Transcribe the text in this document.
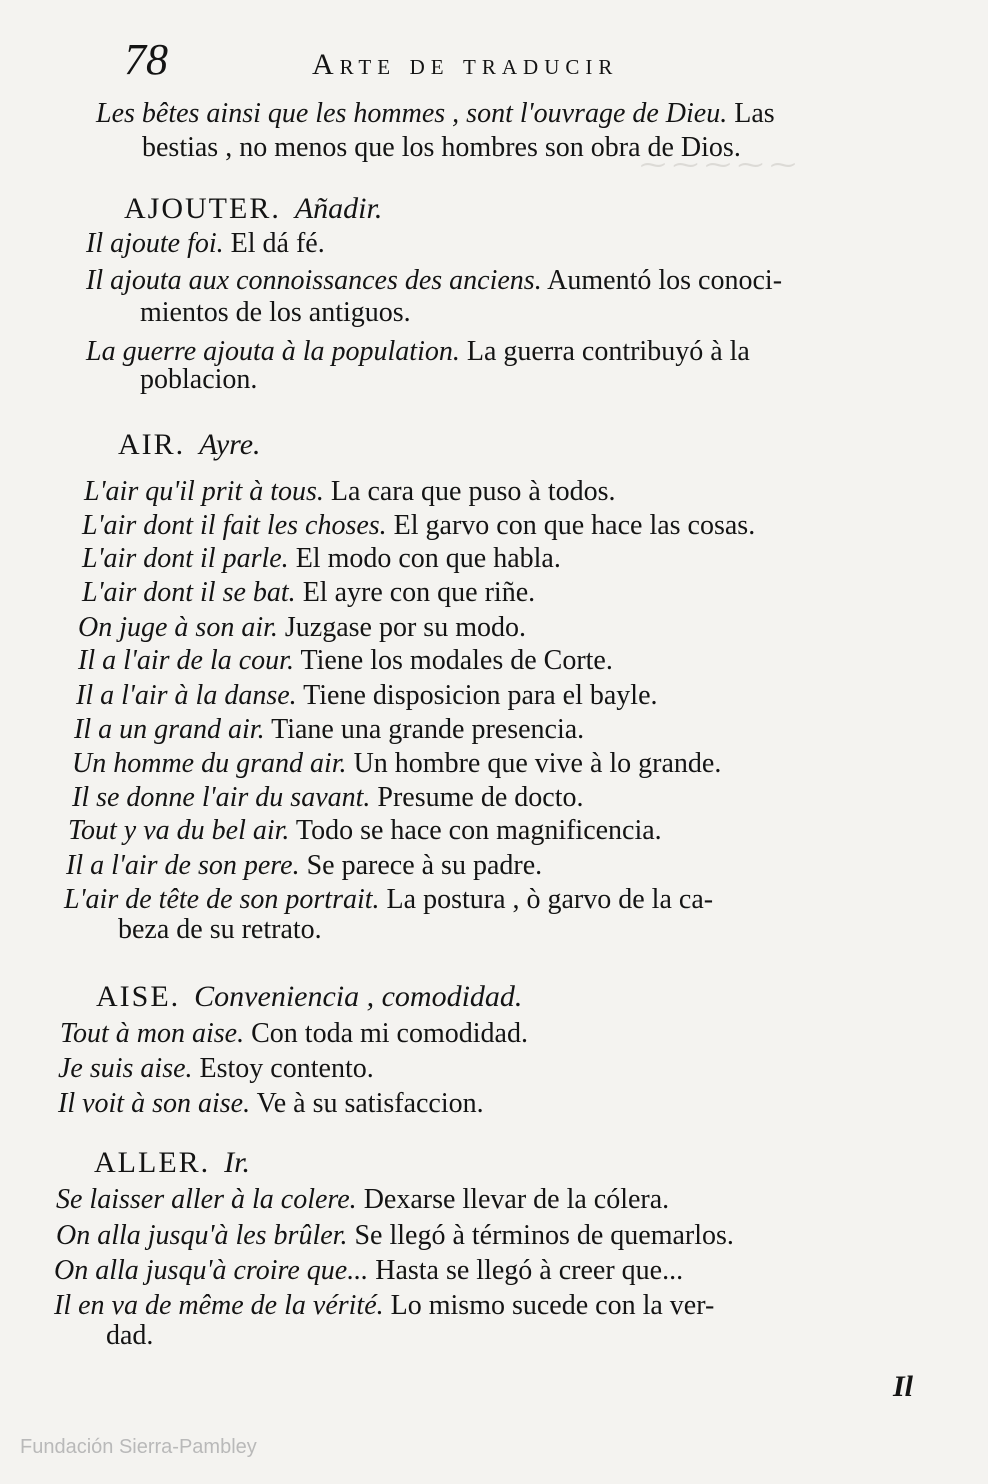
⁓ ⁓ ⁓ ⁓ ⁓
78	Arte de traducir
Les bêtes ainsi que les hommes , sont l'ouvrage de Dieu. Las
bestias , no menos que los hombres son obra de Dios.
AJOUTER. Añadir.
Il ajoute foi. El dá fé.
Il ajouta aux connoissances des anciens. Aumentó los conoci-
mientos de los antiguos.
La guerre ajouta à la population. La guerra contribuyó à la
poblacion.
AIR. Ayre.
L'air qu'il prit à tous. La cara que puso à todos.
L'air dont il fait les choses. El garvo con que hace las cosas.
L'air dont il parle. El modo con que habla.
L'air dont il se bat. El ayre con que riñe.
On juge à son air. Juzgase por su modo.
Il a l'air de la cour. Tiene los modales de Corte.
Il a l'air à la danse. Tiene disposicion para el bayle.
Il a un grand air. Tiane una grande presencia.
Un homme du grand air. Un hombre que vive à lo grande.
Il se donne l'air du savant. Presume de docto.
Tout y va du bel air. Todo se hace con magnificencia.
Il a l'air de son pere. Se parece à su padre.
L'air de tête de son portrait. La postura , ò garvo de la ca-
beza de su retrato.
AISE. Conveniencia , comodidad.
Tout à mon aise. Con toda mi comodidad.
Je suis aise. Estoy contento.
Il voit à son aise. Ve à su satisfaccion.
ALLER. Ir.
Se laisser aller à la colere. Dexarse llevar de la cólera.
On alla jusqu'à les brûler. Se llegó à términos de quemarlos.
On alla jusqu'à croire que... Hasta se llegó à creer que...
Il en va de même de la vérité. Lo mismo sucede con la ver-
dad.
Il
Fundación Sierra-Pambley
